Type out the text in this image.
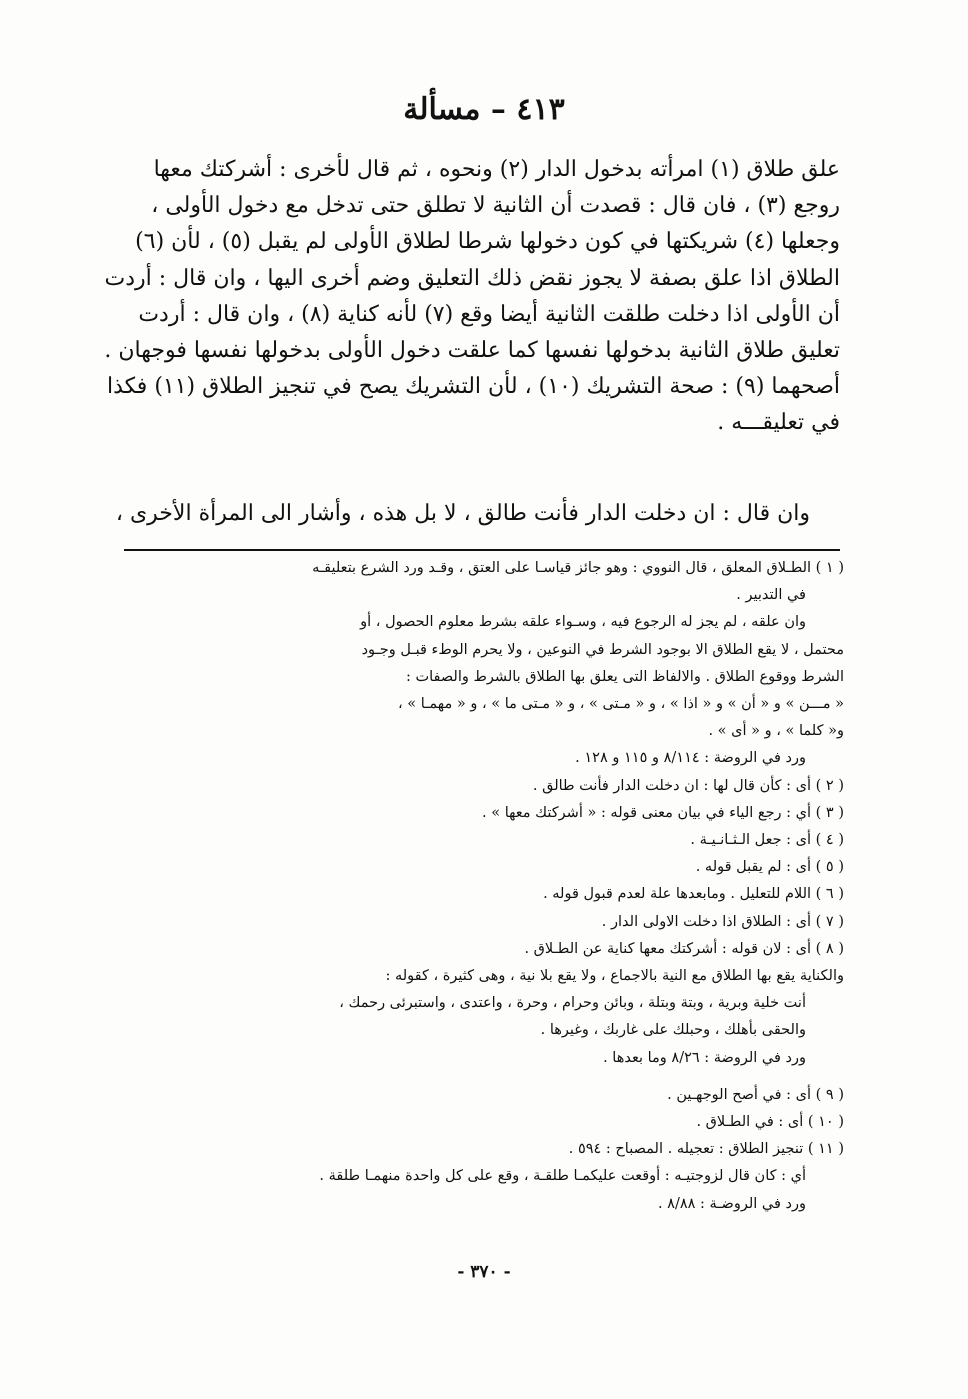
٤١٣ – مسألة
علق طلاق (١) امرأته بدخول الدار (٢) ونحوه ، ثم قال لأخرى : أشركتك معها
روجع (٣) ، فان قال : قصدت أن الثانية لا تطلق حتى تدخل مع دخول الأولى ،
وجعلها (٤) شريكتها في كون دخولها شرطا لطلاق الأولى لم يقبل (٥) ، لأن (٦)
الطلاق اذا علق بصفة لا يجوز نقض ذلك التعليق وضم أخرى اليها ، وان قال : أردت
أن الأولى اذا دخلت طلقت الثانية أيضا وقع (٧) لأنه كناية (٨) ، وان قال : أردت
تعليق طلاق الثانية بدخولها نفسها كما علقت دخول الأولى بدخولها نفسها فوجهان .
أصحهما (٩) : صحة التشريك (١٠) ، لأن التشريك يصح في تنجيز الطلاق (١١) فكذا
في تعليقـــه .
وان قال : ان دخلت الدار فأنت طالق ، لا بل هذه ، وأشار الى المرأة الأخرى ،
( ١ ) الطـلاق المعلق ، قال النووي : وهو جائز قياسـا على العتق ، وقـد ورد الشرع بتعليقـه
في التدبير .
وان علقه ، لم يجز له الرجوع فيه ، وسـواء علقه بشرط معلوم الحصول ، أو
محتمل ، لا يقع الطلاق الا بوجود الشرط في النوعين ، ولا يحرم الوطء قبـل وجـود
الشرط ووقوع الطلاق . والالفاظ التى يعلق بها الطلاق بالشرط والصفات :
« مـــن » و « أن » و « اذا » ، و « مـتى » ، و « مـتى ما » ، و « مهمـا » ،
و« كلما » ، و « أى » .
ورد في الروضة : ٨/١١٤ و ١١٥ و ١٢٨ .
( ٢ ) أى : كأن قال لها : ان دخلت الدار فأنت طالق .
( ٣ ) أي : رجع الياء في بيان معنى قوله : « أشركتك معها » .
( ٤ ) أى : جعل الـثـانـيـة .
( ٥ ) أى : لم يقبل قوله .
( ٦ ) اللام للتعليل . ومابعدها علة لعدم قبول قوله .
( ٧ ) أى : الطلاق اذا دخلت الاولى الدار .
( ٨ ) أى : لان قوله : أشركتك معها كناية عن الطـلاق .
والكناية يقع بها الطلاق مع النية بالاجماع ، ولا يقع بلا نية ، وهى كثيرة ، كقوله :
أنت خلية وبرية ، وبتة وبتلة ، وبائن وحرام ، وحرة ، واعتدى ، واستبرئى رحمك ،
والحقى بأهلك ، وحبلك على غاربك ، وغيرها .
ورد في الروضة : ٨/٢٦ وما بعدها .
( ٩ ) أى : في أصح الوجهـين .
( ١٠ ) أى : في الطـلاق .
( ١١ ) تنجيز الطلاق : تعجيله . المصباح : ٥٩٤ .
أي : كان قال لزوجتيـه : أوقعت عليكمـا طلقـة ، وقع على كل واحدة منهمـا طلقة .
ورد في الروضـة : ٨/٨٨ .
- ٣٧٠ -
